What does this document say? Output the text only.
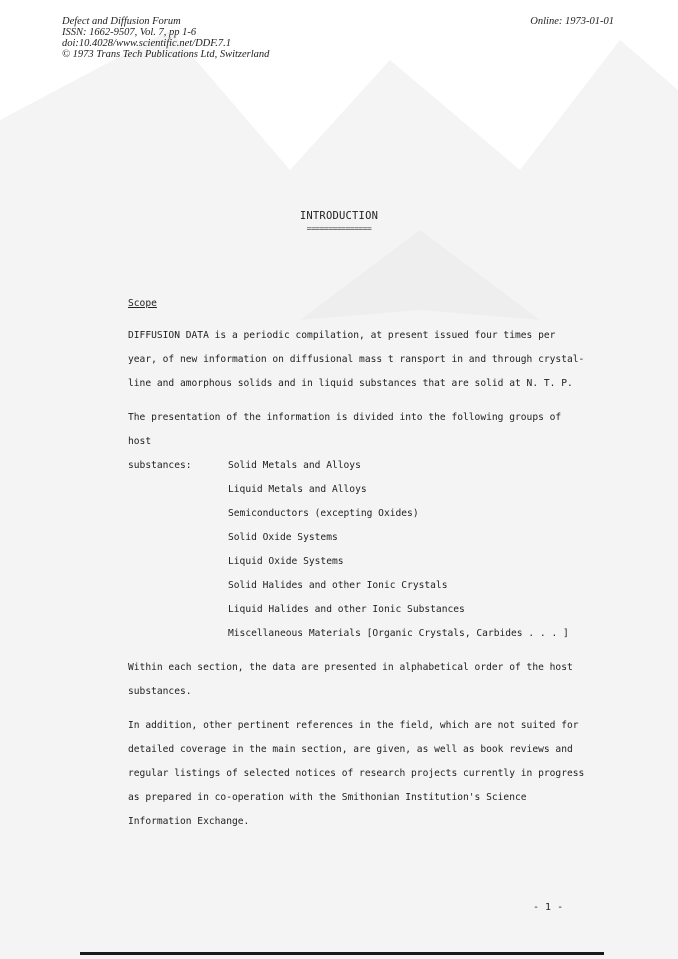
Defect and Diffusion Forum
ISSN: 1662-9507, Vol. 7, pp 1-6
doi:10.4028/www.scientific.net/DDF.7.1
© 1973 Trans Tech Publications Ltd, Switzerland
Online: 1973-01-01
INTRODUCTION
===============
Scope

DIFFUSION DATA is a periodic compilation, at present issued four times per year, of new information on diffusional mass t ransport in and through crystal-line and amorphous solids and in liquid substances that are solid at N. T. P.

The presentation of the information is divided into the following groups of host

substances:	Solid Metals and Alloys
Liquid Metals and Alloys
Semiconductors (excepting Oxides)
Solid Oxide Systems
Liquid Oxide Systems
Solid Halides and other Ionic Crystals
Liquid Halides and other Ionic Substances
Miscellaneous Materials [Organic Crystals, Carbides . . . ]

Within each section, the data are presented in alphabetical order of the host substances.

In addition, other pertinent references in the field, which are not suited for detailed coverage in the main section, are given, as well as book reviews and regular listings of selected notices of research projects currently in progress as prepared in co-operation with the Smithonian Institution's Science Information Exchange.

- 1 -
